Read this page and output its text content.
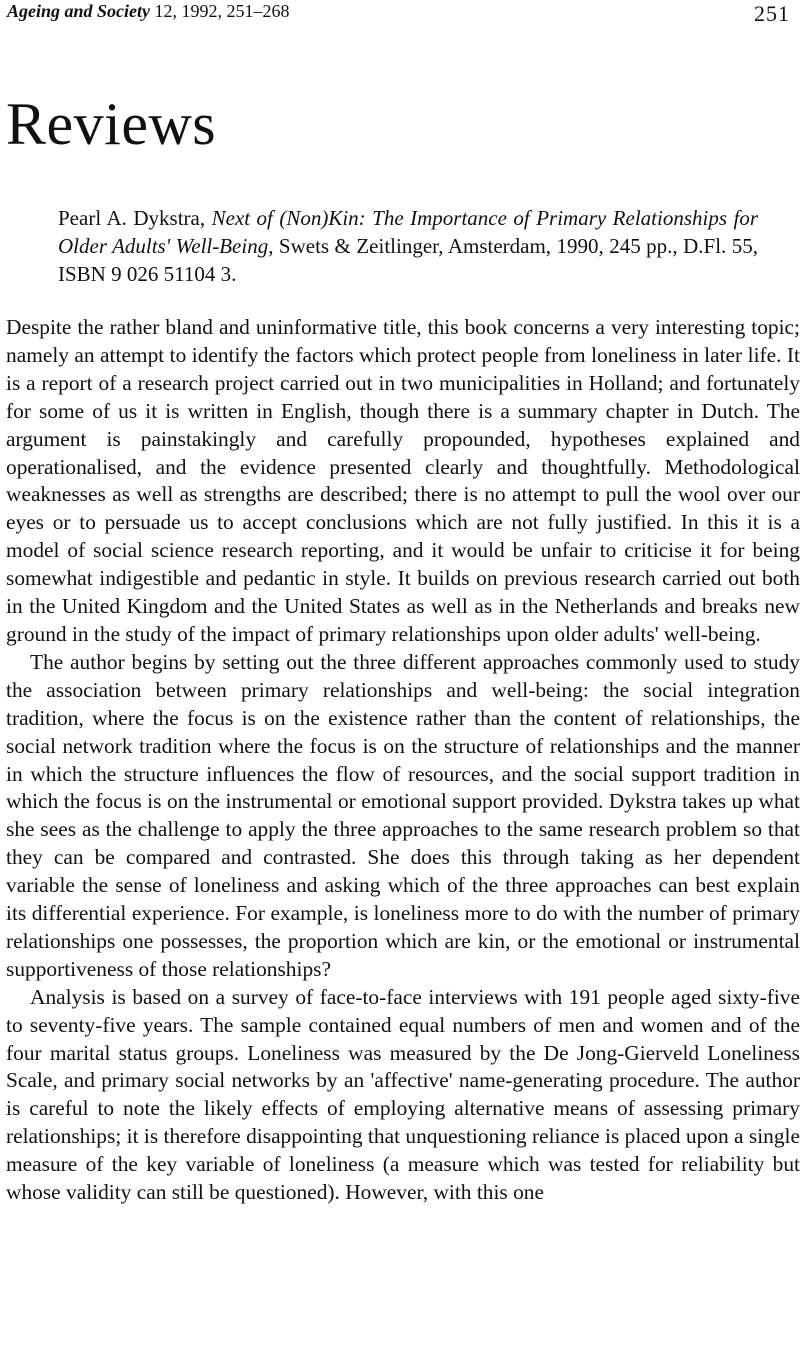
Ageing and Society 12, 1992, 251–268	251
Reviews

Pearl A. Dykstra, Next of (Non)Kin: The Importance of Primary Relationships for Older Adults' Well-Being, Swets & Zeitlinger, Amsterdam, 1990, 245 pp., D.Fl. 55, ISBN 9 026 51104 3.

Despite the rather bland and uninformative title, this book concerns a very interesting topic; namely an attempt to identify the factors which protect people from loneliness in later life. It is a report of a research project carried out in two municipalities in Holland; and fortunately for some of us it is written in English, though there is a summary chapter in Dutch. The argument is painstakingly and carefully propounded, hypotheses explained and operationalised, and the evidence presented clearly and thoughtfully. Methodological weaknesses as well as strengths are described; there is no attempt to pull the wool over our eyes or to persuade us to accept conclusions which are not fully justified. In this it is a model of social science research reporting, and it would be unfair to criticise it for being somewhat indigestible and pedantic in style. It builds on previous research carried out both in the United Kingdom and the United States as well as in the Netherlands and breaks new ground in the study of the impact of primary relationships upon older adults' well-being.

The author begins by setting out the three different approaches commonly used to study the association between primary relationships and well-being: the social integration tradition, where the focus is on the existence rather than the content of relationships, the social network tradition where the focus is on the structure of relationships and the manner in which the structure influences the flow of resources, and the social support tradition in which the focus is on the instrumental or emotional support provided. Dykstra takes up what she sees as the challenge to apply the three approaches to the same research problem so that they can be compared and contrasted. She does this through taking as her dependent variable the sense of loneliness and asking which of the three approaches can best explain its differential experience. For example, is loneliness more to do with the number of primary relationships one possesses, the proportion which are kin, or the emotional or instrumental supportiveness of those relationships?

Analysis is based on a survey of face-to-face interviews with 191 people aged sixty-five to seventy-five years. The sample contained equal numbers of men and women and of the four marital status groups. Loneliness was measured by the De Jong-Gierveld Loneliness Scale, and primary social networks by an 'affective' name-generating procedure. The author is careful to note the likely effects of employing alternative means of assessing primary relationships; it is therefore disappointing that unquestioning reliance is placed upon a single measure of the key variable of loneliness (a measure which was tested for reliability but whose validity can still be questioned). However, with this one
